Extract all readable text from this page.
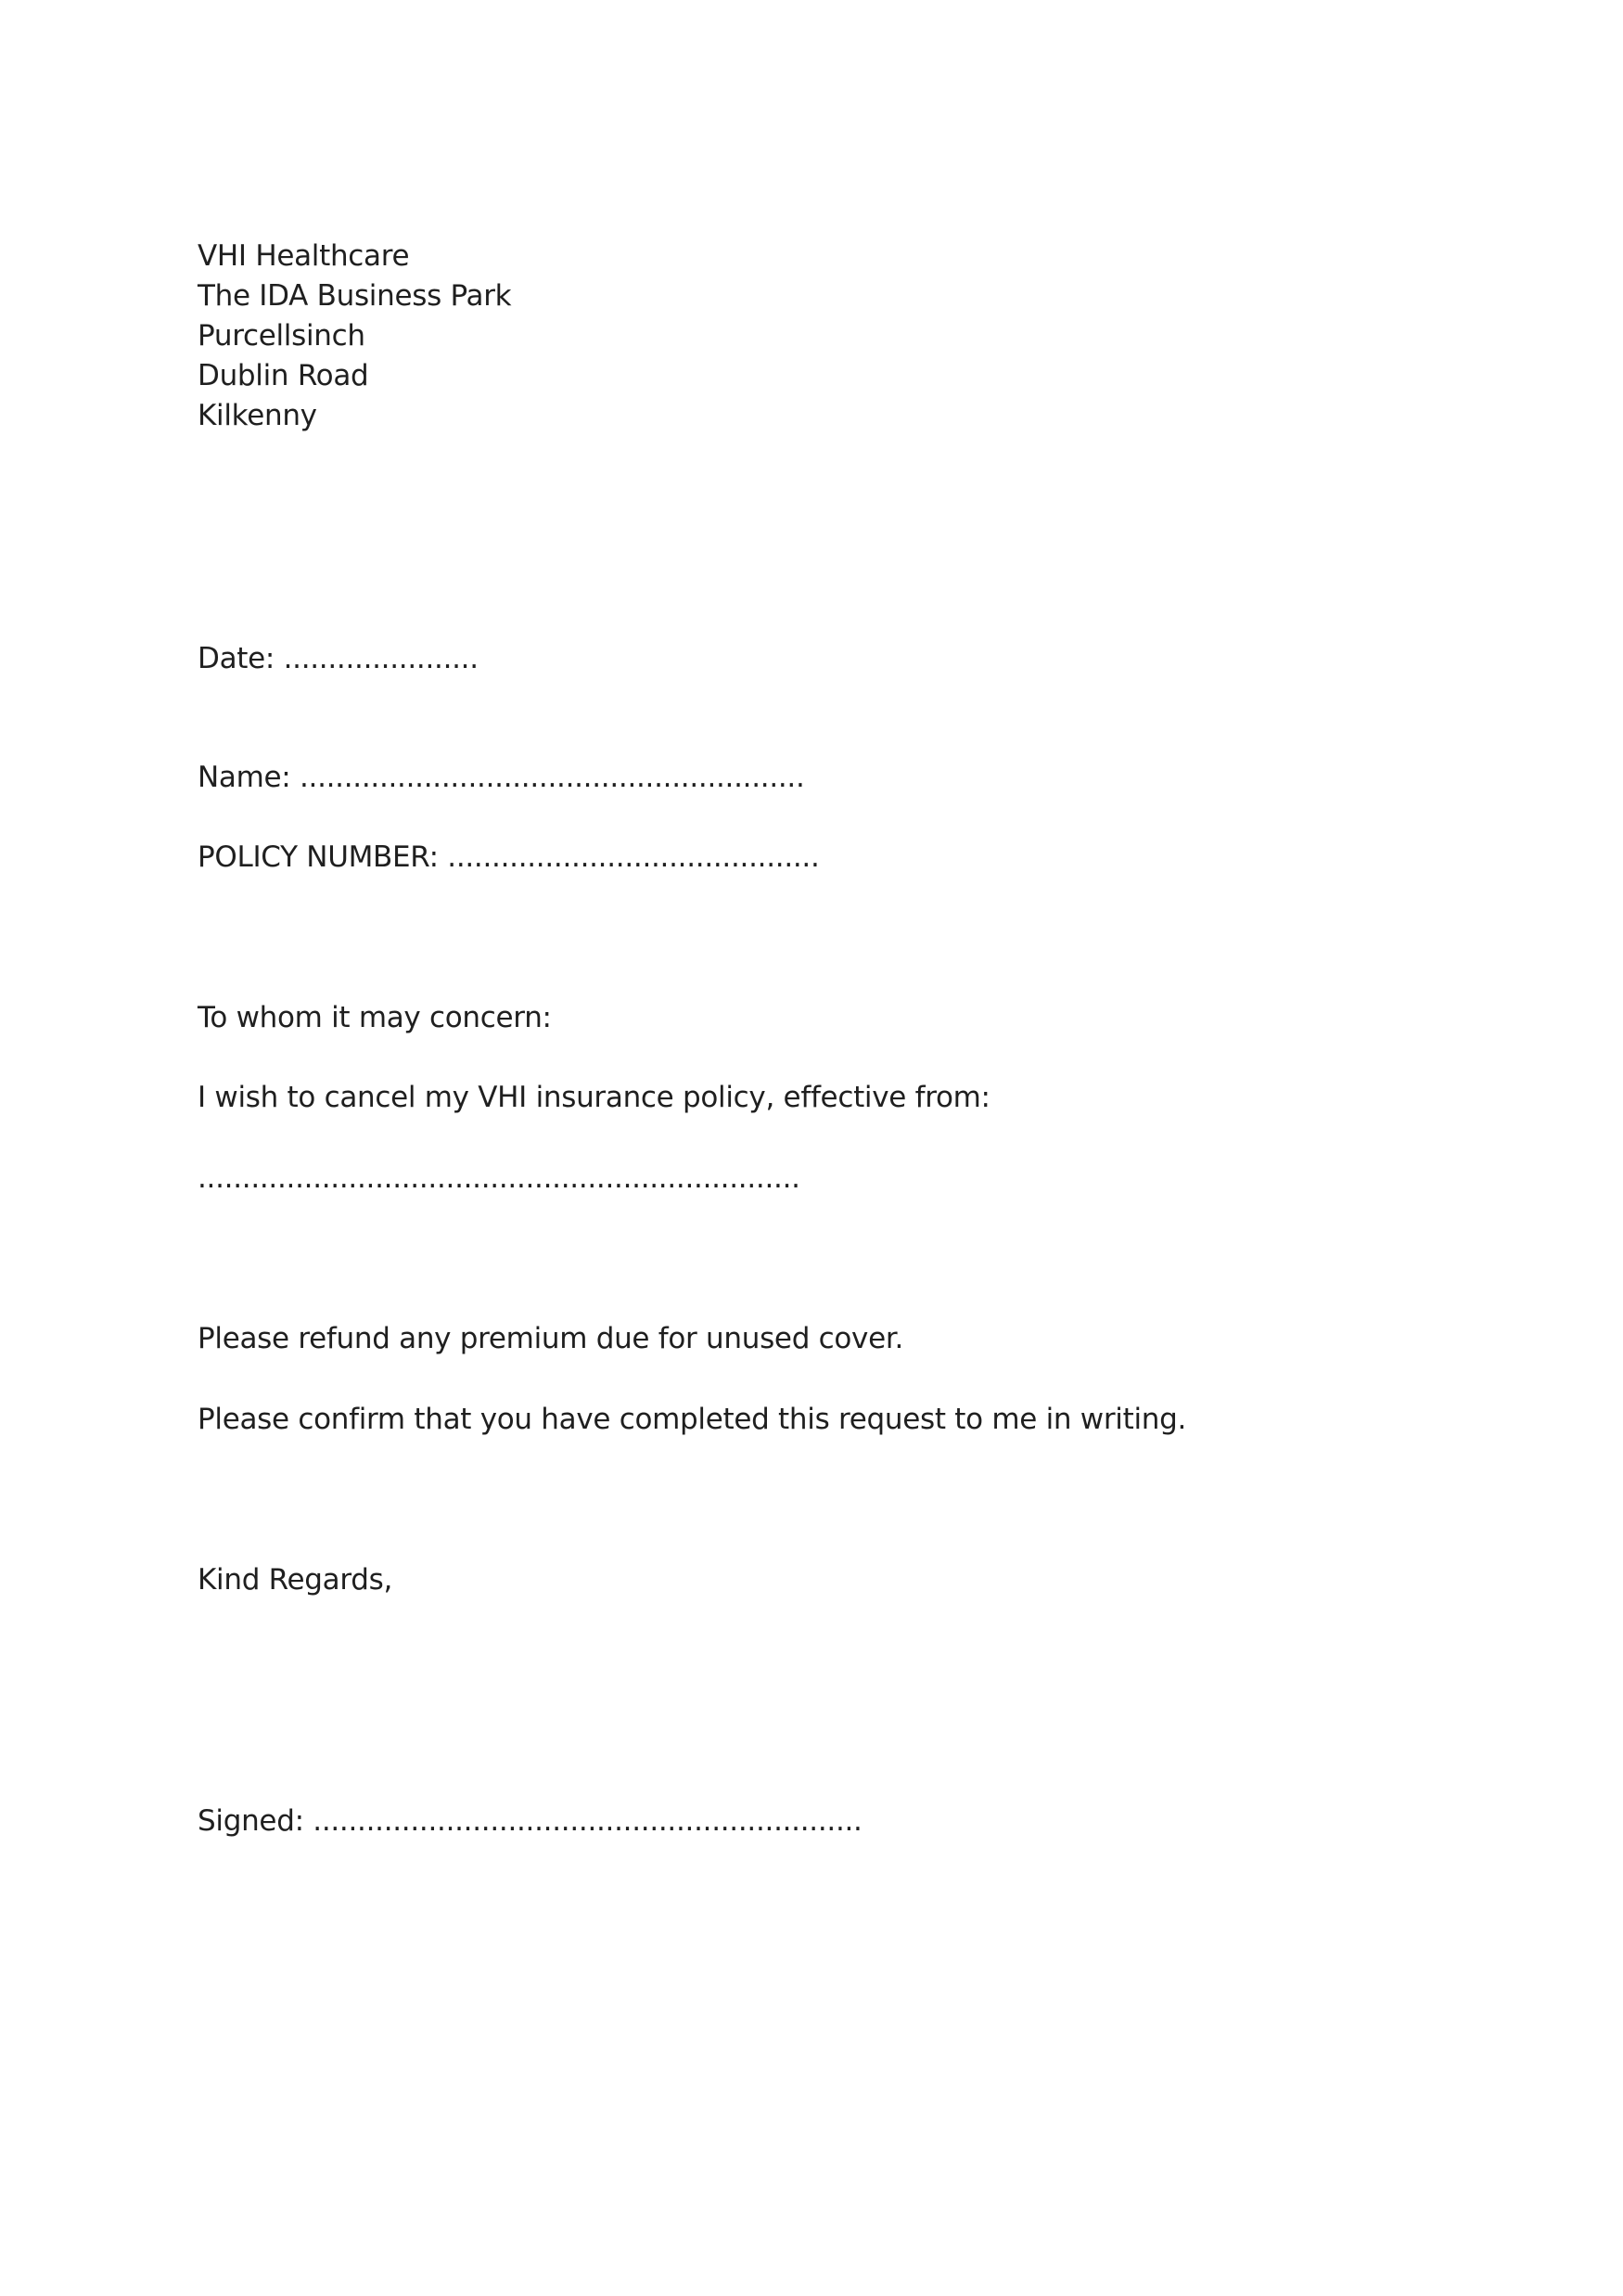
VHI Healthcare
The IDA Business Park
Purcellsinch
Dublin Road
Kilkenny
Date: ......................
Name: .........................................................
POLICY NUMBER: ..........................................
To whom it may concern:
I wish to cancel my VHI insurance policy, effective from:
....................................................................
Please refund any premium due for unused cover.
Please confirm that you have completed this request to me in writing.
Kind Regards,
Signed: ..............................................................
